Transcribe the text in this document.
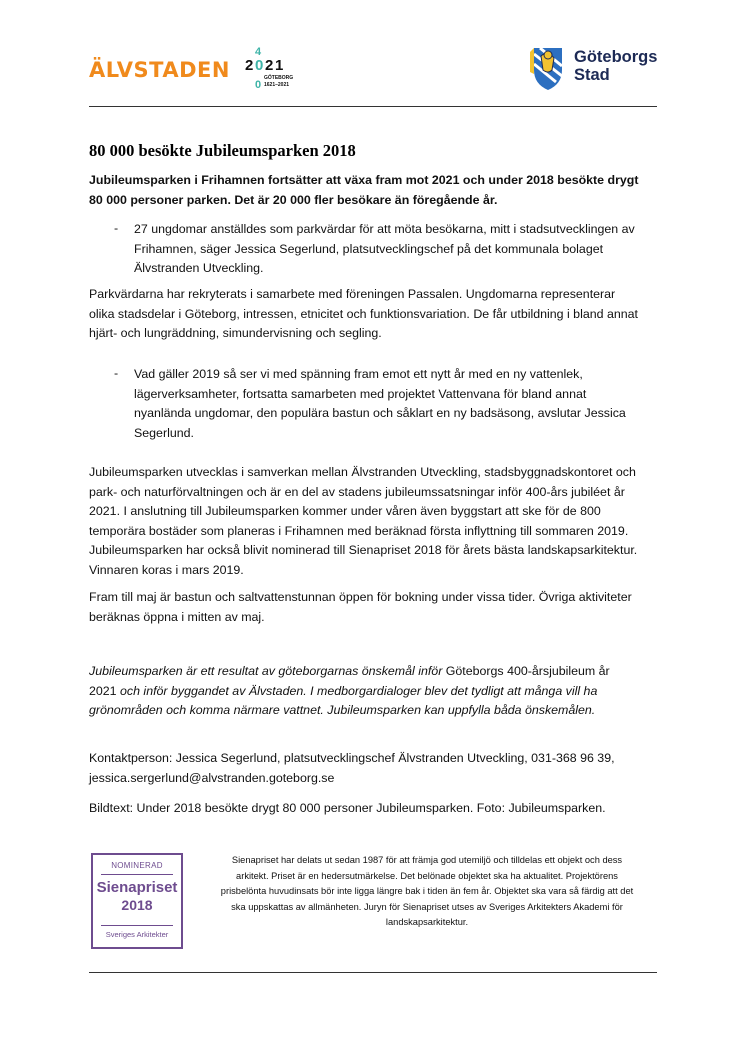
ÄLVSTADEN
4
2 0 2 1
0
GÖTEBORG
1621–2021
Göteborgs
Stad
80 000 besökte Jubileumsparken 2018
Jubileumsparken i Frihamnen fortsätter att växa fram mot 2021 och under 2018 besökte drygt
80 000 personer parken. Det är 20 000 fler besökare än föregående år.
- 27 ungdomar anställdes som parkvärdar för att möta besökarna, mitt i stadsutvecklingen av
Frihamnen, säger Jessica Segerlund, platsutvecklingschef på det kommunala bolaget
Älvstranden Utveckling.
Parkvärdarna har rekryterats i samarbete med föreningen Passalen. Ungdomarna representerar
olika stadsdelar i Göteborg, intressen, etnicitet och funktionsvariation. De får utbildning i bland annat
hjärt- och lungräddning, simundervisning och segling.
- Vad gäller 2019 så ser vi med spänning fram emot ett nytt år med en ny vattenlek,
lägerverksamheter, fortsatta samarbeten med projektet Vattenvana för bland annat
nyanlända ungdomar, den populära bastun och såklart en ny badsäsong, avslutar Jessica
Segerlund.
Jubileumsparken utvecklas i samverkan mellan Älvstranden Utveckling, stadsbyggnadskontoret och
park- och naturförvaltningen och är en del av stadens jubileumssatsningar inför 400-års jubiléet år
2021. I anslutning till Jubileumsparken kommer under våren även byggstart att ske för de 800
temporära bostäder som planeras i Frihamnen med beräknad första inflyttning till sommaren 2019.
Jubileumsparken har också blivit nominerad till Sienapriset 2018 för årets bästa landskapsarkitektur.
Vinnaren koras i mars 2019.
Fram till maj är bastun och saltvattenstunnan öppen för bokning under vissa tider. Övriga aktiviteter
beräknas öppna i mitten av maj.
Jubileumsparken är ett resultat av göteborgarnas önskemål inför Göteborgs 400-årsjubileum år
2021 och inför byggandet av Älvstaden. I medborgardialoger blev det tydligt att många vill ha
grönområden och komma närmare vattnet. Jubileumsparken kan uppfylla båda önskemålen.
Kontaktperson: Jessica Segerlund, platsutvecklingschef Älvstranden Utveckling, 031-368 96 39,
jessica.sergerlund@alvstranden.goteborg.se
Bildtext: Under 2018 besökte drygt 80 000 personer Jubileumsparken. Foto: Jubileumsparken.
NOMINERAD
Sienapriset
2018
Sveriges Arkitekter
Sienapriset har delats ut sedan 1987 för att främja god utemiljö och tilldelas ett objekt och dess
arkitekt. Priset är en hedersutmärkelse. Det belönade objektet ska ha aktualitet. Projektörens
prisbelönta huvudinsats bör inte ligga längre bak i tiden än fem år. Objektet ska vara så färdig att det
ska uppskattas av allmänheten. Juryn för Sienapriset utses av Sveriges Arkitekters Akademi för
landskapsarkitektur.
